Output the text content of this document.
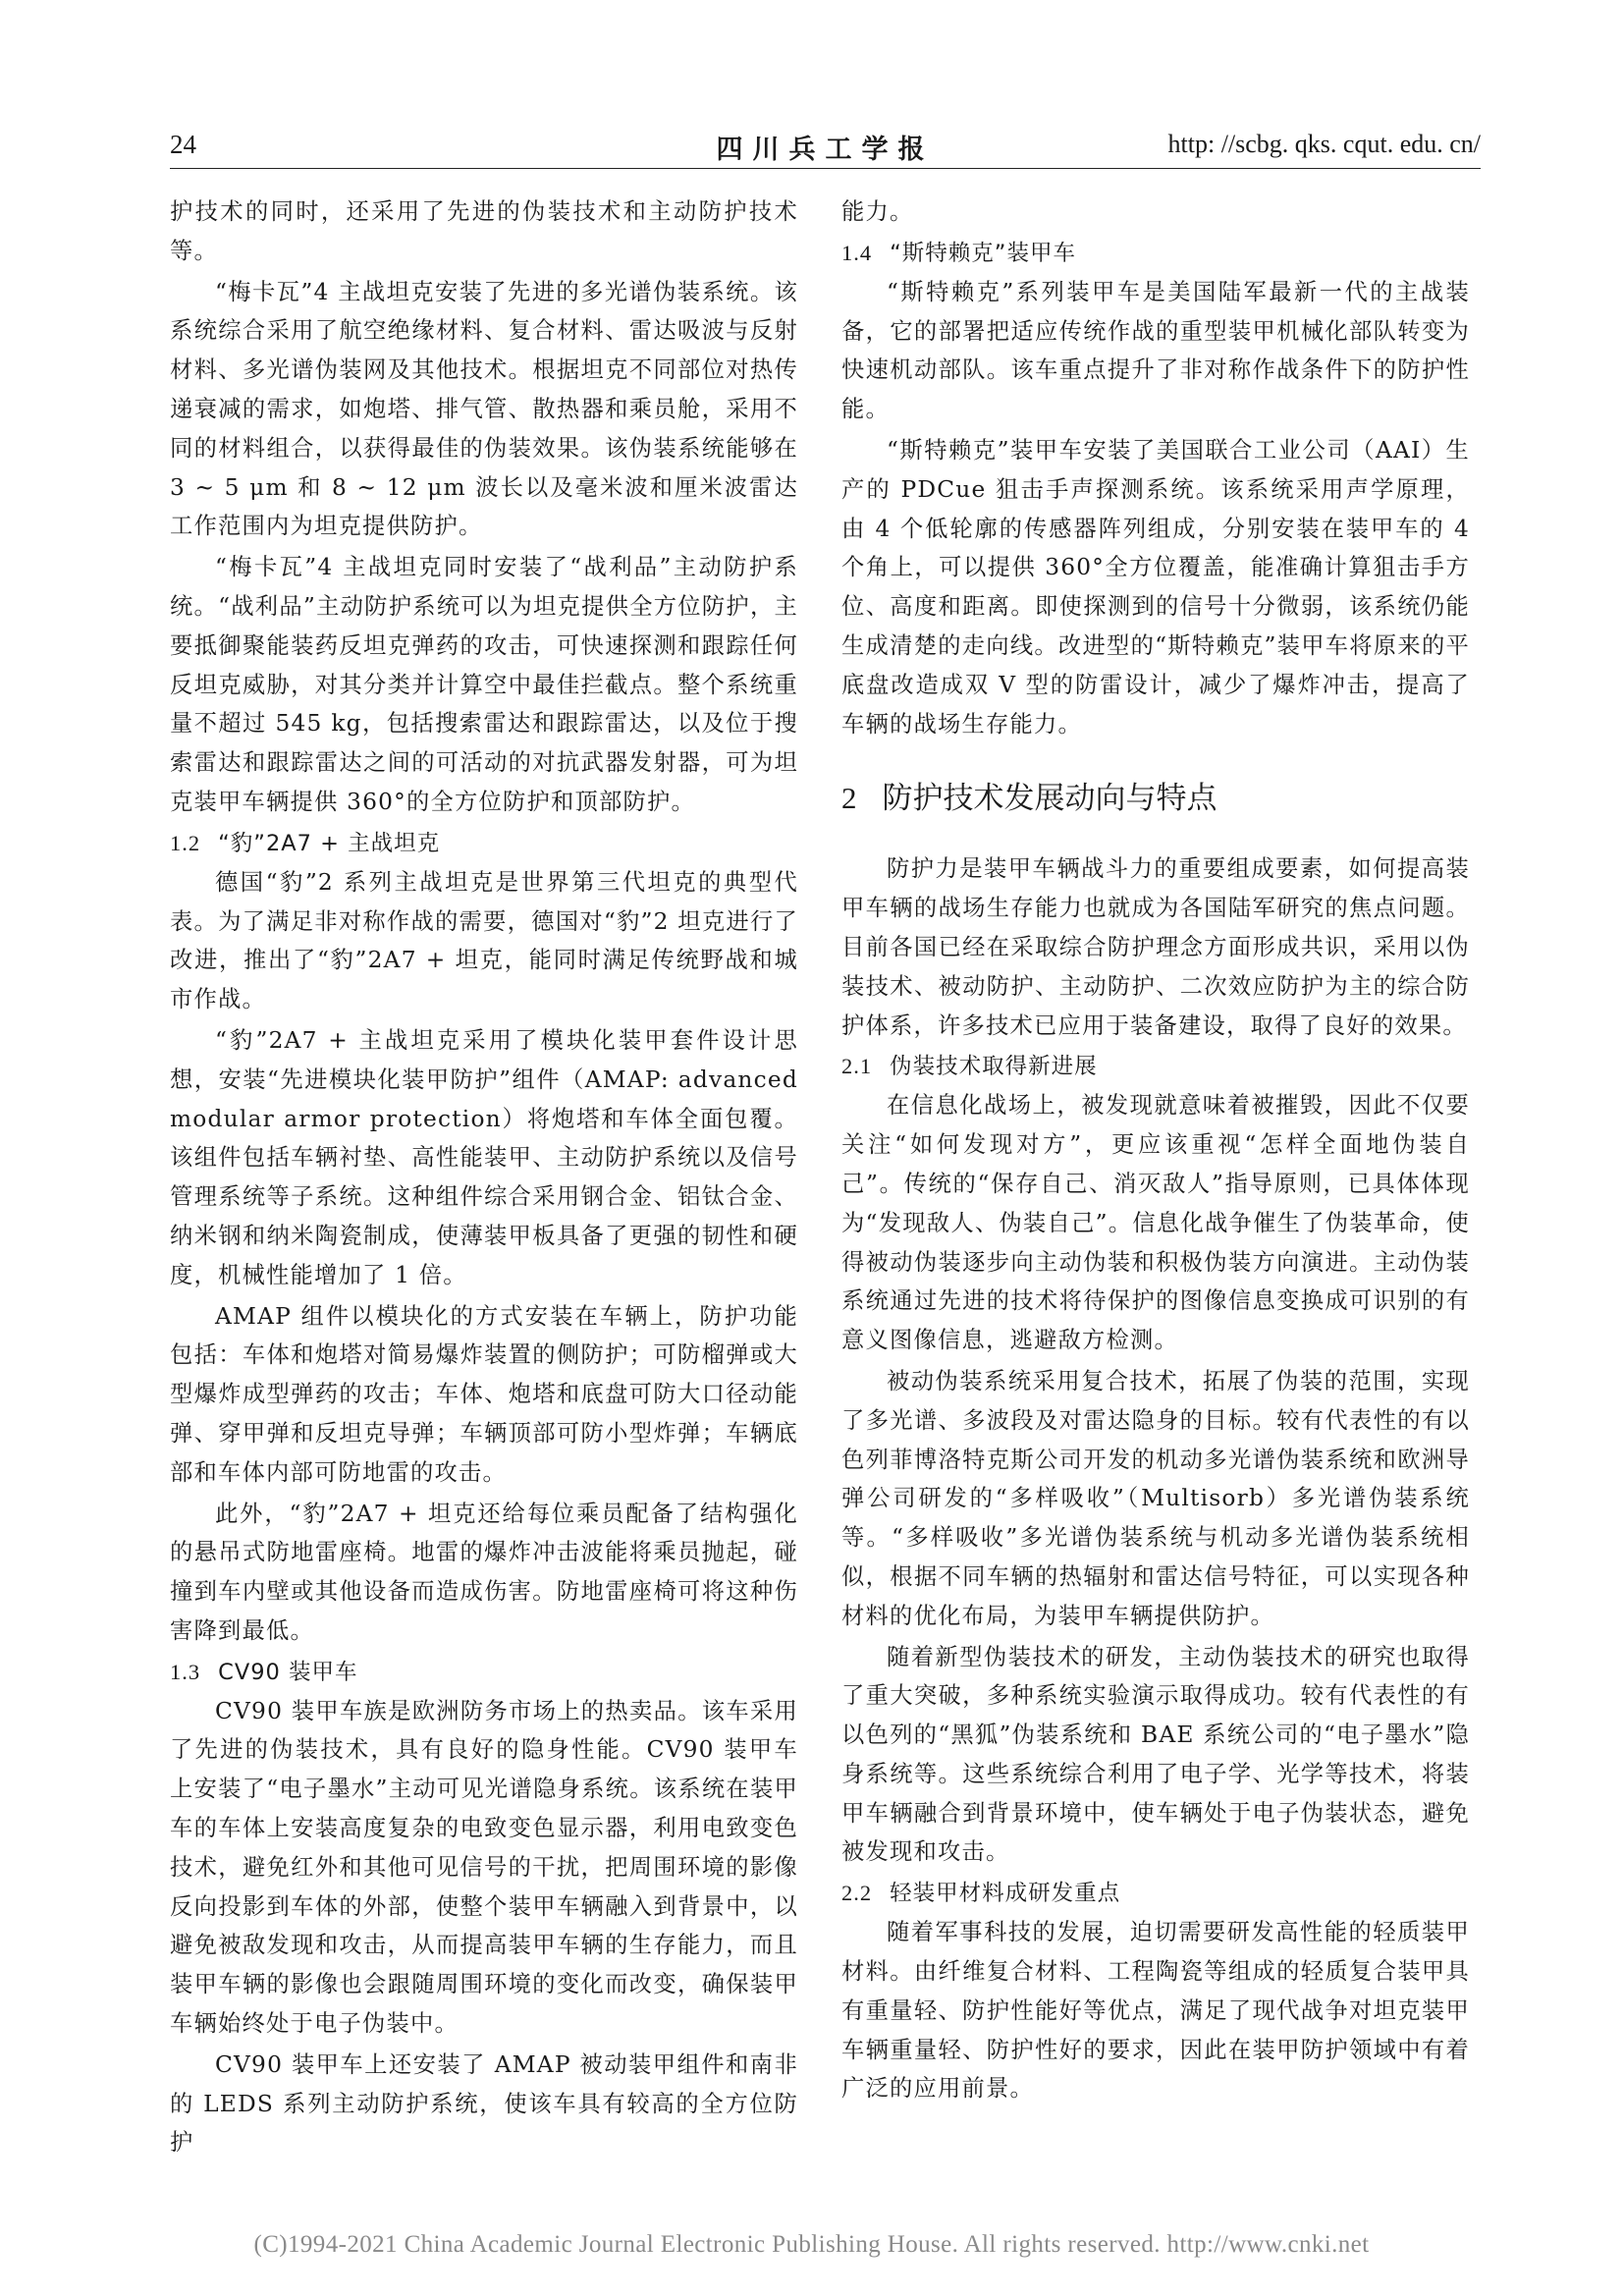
24	四川兵工学报	http: //scbg. qks. cqut. edu. cn/

护技术的同时，还采用了先进的伪装技术和主动防护技术等。

“梅卡瓦”4 主战坦克安装了先进的多光谱伪装系统。该系统综合采用了航空绝缘材料、复合材料、雷达吸波与反射材料、多光谱伪装网及其他技术。根据坦克不同部位对热传递衰减的需求，如炮塔、排气管、散热器和乘员舱，采用不同的材料组合，以获得最佳的伪装效果。该伪装系统能够在 3 ~ 5 μm 和 8 ~ 12 μm 波长以及毫米波和厘米波雷达工作范围内为坦克提供防护。

“梅卡瓦”4 主战坦克同时安装了“战利品”主动防护系统。“战利品”主动防护系统可以为坦克提供全方位防护，主要抵御聚能装药反坦克弹药的攻击，可快速探测和跟踪任何反坦克威胁，对其分类并计算空中最佳拦截点。整个系统重量不超过 545 kg，包括搜索雷达和跟踪雷达，以及位于搜索雷达和跟踪雷达之间的可活动的对抗武器发射器，可为坦克装甲车辆提供 360°的全方位防护和顶部防护。

1.2 “豹”2A7 + 主战坦克

德国“豹”2 系列主战坦克是世界第三代坦克的典型代表。为了满足非对称作战的需要，德国对“豹”2 坦克进行了改进，推出了“豹”2A7 + 坦克，能同时满足传统野战和城市作战。

“豹”2A7 + 主战坦克采用了模块化装甲套件设计思想，安装“先进模块化装甲防护”组件（AMAP: advanced modular armor protection）将炮塔和车体全面包覆。该组件包括车辆衬垫、高性能装甲、主动防护系统以及信号管理系统等子系统。这种组件综合采用钢合金、铝钛合金、纳米钢和纳米陶瓷制成，使薄装甲板具备了更强的韧性和硬度，机械性能增加了 1 倍。

AMAP 组件以模块化的方式安装在车辆上，防护功能包括：车体和炮塔对简易爆炸装置的侧防护；可防榴弹或大型爆炸成型弹药的攻击；车体、炮塔和底盘可防大口径动能弹、穿甲弹和反坦克导弹；车辆顶部可防小型炸弹；车辆底部和车体内部可防地雷的攻击。

此外，“豹”2A7 + 坦克还给每位乘员配备了结构强化的悬吊式防地雷座椅。地雷的爆炸冲击波能将乘员抛起，碰撞到车内壁或其他设备而造成伤害。防地雷座椅可将这种伤害降到最低。

1.3 CV90 装甲车

CV90 装甲车族是欧洲防务市场上的热卖品。该车采用了先进的伪装技术，具有良好的隐身性能。CV90 装甲车上安装了“电子墨水”主动可见光谱隐身系统。该系统在装甲车的车体上安装高度复杂的电致变色显示器，利用电致变色技术，避免红外和其他可见信号的干扰，把周围环境的影像反向投影到车体的外部，使整个装甲车辆融入到背景中，以避免被敌发现和攻击，从而提高装甲车辆的生存能力，而且装甲车辆的影像也会跟随周围环境的变化而改变，确保装甲车辆始终处于电子伪装中。

CV90 装甲车上还安装了 AMAP 被动装甲组件和南非的 LEDS 系列主动防护系统，使该车具有较高的全方位防护

能力。

1.4 “斯特赖克”装甲车

“斯特赖克”系列装甲车是美国陆军最新一代的主战装备，它的部署把适应传统作战的重型装甲机械化部队转变为快速机动部队。该车重点提升了非对称作战条件下的防护性能。

“斯特赖克”装甲车安装了美国联合工业公司（AAI）生产的 PDCue 狙击手声探测系统。该系统采用声学原理，由 4 个低轮廓的传感器阵列组成，分别安装在装甲车的 4 个角上，可以提供 360°全方位覆盖，能准确计算狙击手方位、高度和距离。即使探测到的信号十分微弱，该系统仍能生成清楚的走向线。改进型的“斯特赖克”装甲车将原来的平底盘改造成双 V 型的防雷设计，减少了爆炸冲击，提高了车辆的战场生存能力。

2 防护技术发展动向与特点

防护力是装甲车辆战斗力的重要组成要素，如何提高装甲车辆的战场生存能力也就成为各国陆军研究的焦点问题。目前各国已经在采取综合防护理念方面形成共识，采用以伪装技术、被动防护、主动防护、二次效应防护为主的综合防护体系，许多技术已应用于装备建设，取得了良好的效果。

2.1 伪装技术取得新进展

在信息化战场上，被发现就意味着被摧毁，因此不仅要关注“如何发现对方”，更应该重视“怎样全面地伪装自己”。传统的“保存自己、消灭敌人”指导原则，已具体体现为“发现敌人、伪装自己”。信息化战争催生了伪装革命，使得被动伪装逐步向主动伪装和积极伪装方向演进。主动伪装系统通过先进的技术将待保护的图像信息变换成可识别的有意义图像信息，逃避敌方检测。

被动伪装系统采用复合技术，拓展了伪装的范围，实现了多光谱、多波段及对雷达隐身的目标。较有代表性的有以色列菲博洛特克斯公司开发的机动多光谱伪装系统和欧洲导弹公司研发的“多样吸收”（Multisorb）多光谱伪装系统等。“多样吸收”多光谱伪装系统与机动多光谱伪装系统相似，根据不同车辆的热辐射和雷达信号特征，可以实现各种材料的优化布局，为装甲车辆提供防护。

随着新型伪装技术的研发，主动伪装技术的研究也取得了重大突破，多种系统实验演示取得成功。较有代表性的有以色列的“黑狐”伪装系统和 BAE 系统公司的“电子墨水”隐身系统等。这些系统综合利用了电子学、光学等技术，将装甲车辆融合到背景环境中，使车辆处于电子伪装状态，避免被发现和攻击。

2.2 轻装甲材料成研发重点

随着军事科技的发展，迫切需要研发高性能的轻质装甲材料。由纤维复合材料、工程陶瓷等组成的轻质复合装甲具有重量轻、防护性能好等优点，满足了现代战争对坦克装甲车辆重量轻、防护性好的要求，因此在装甲防护领域中有着广泛的应用前景。

(C)1994-2021 China Academic Journal Electronic Publishing House. All rights reserved. http://www.cnki.net
